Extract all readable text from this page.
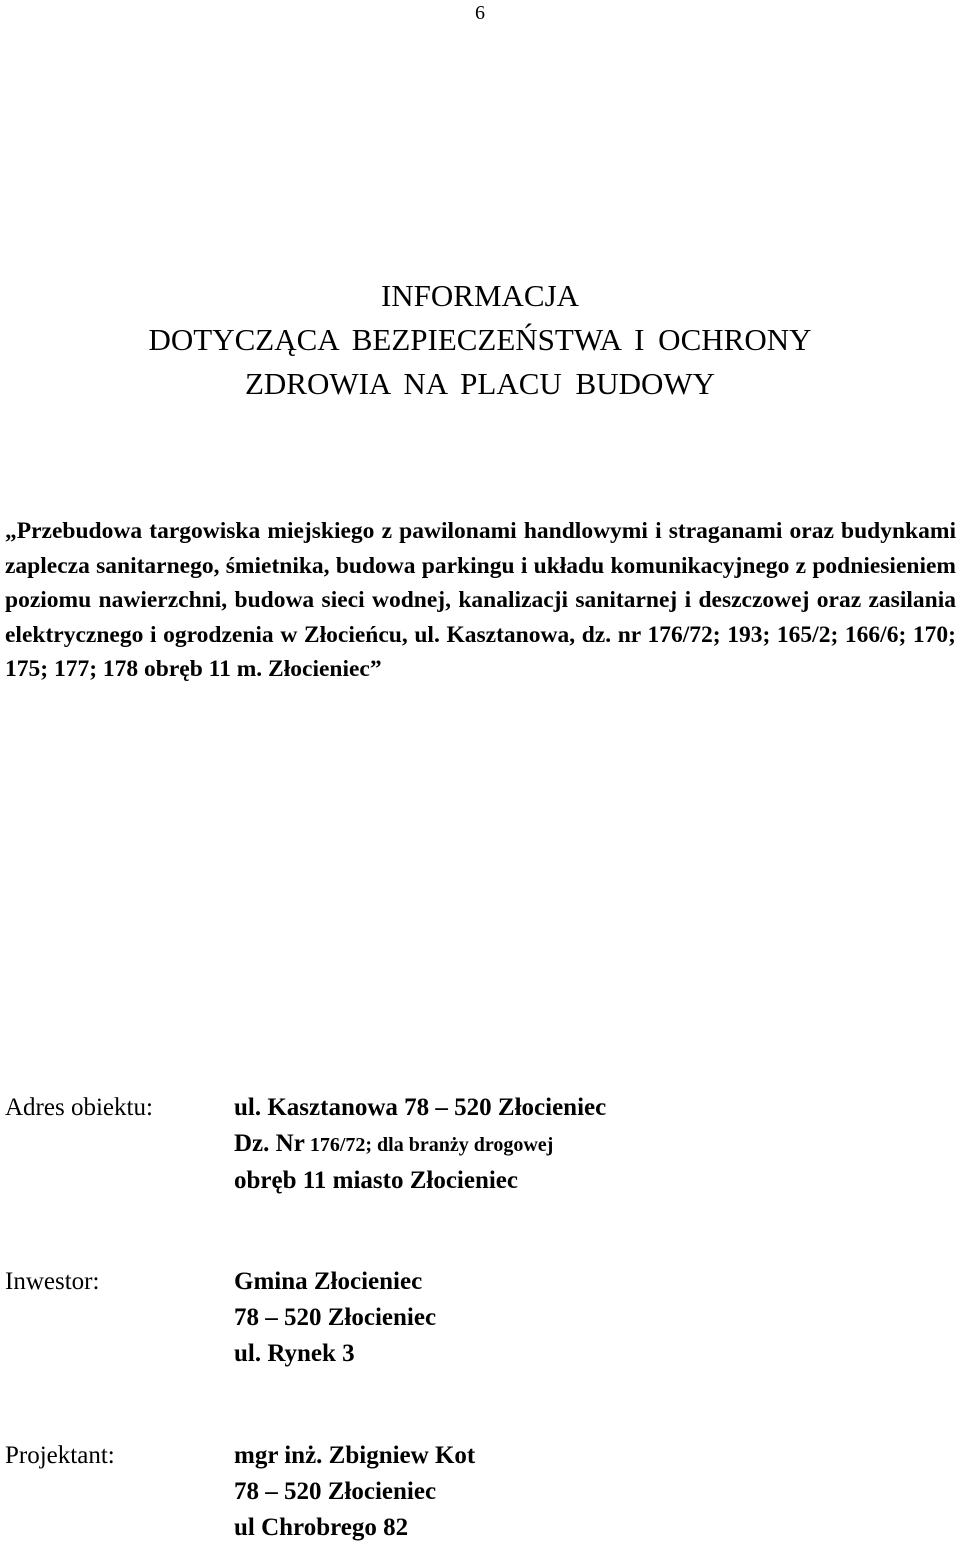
6
INFORMACJA
DOTYCZĄCA BEZPIECZEŃSTWA I OCHRONY
ZDROWIA NA PLACU BUDOWY
„Przebudowa targowiska miejskiego z pawilonami handlowymi i straganami oraz budynkami zaplecza sanitarnego, śmietnika, budowa parkingu i układu komunikacyjnego z podniesieniem poziomu nawierzchni, budowa sieci wodnej, kanalizacji sanitarnej i deszczowej oraz zasilania elektrycznego i ogrodzenia w Złocieńcu, ul. Kasztanowa, dz. nr 176/72; 193; 165/2; 166/6; 170; 175; 177; 178 obręb 11 m. Złocieniec”
Adres obiektu:	ul. Kasztanowa 78 – 520 Złocieniec
Dz. Nr 176/72; dla branży drogowej
obręb 11 miasto Złocieniec
Inwestor:	Gmina Złocieniec
78 – 520 Złocieniec
ul. Rynek 3
Projektant:	mgr inż. Zbigniew Kot
78 – 520 Złocieniec
ul Chrobrego 82
